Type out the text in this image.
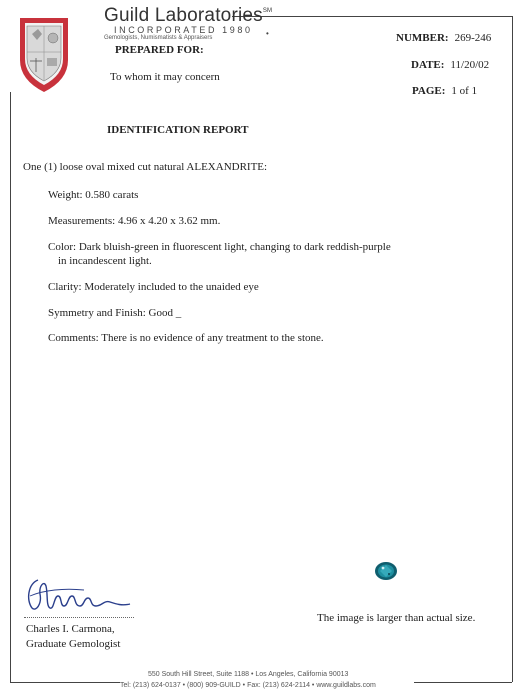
Guild Laboratories℠
INCORPORATED 1980
Gemologists, Numismatists & Appraisers	•
PREPARED FOR:
To whom it may concern
NUMBER: 269-246
DATE: 11/20/02
PAGE: 1 of 1
IDENTIFICATION REPORT
One (1) loose oval mixed cut natural ALEXANDRITE:
Weight: 0.580 carats
Measurements: 4.96 x 4.20 x 3.62 mm.
Color: Dark bluish-green in fluorescent light, changing to dark reddish-purple
in incandescent light.
Clarity: Moderately included to the unaided eye
Symmetry and Finish: Good _
Comments: There is no evidence of any treatment to the stone.
The image is larger than actual size.
Charles I. Carmona,
Graduate Gemologist
550 South Hill Street, Suite 1188 • Los Angeles, California 90013
Tel: (213) 624-0137 • (800) 909-GUILD • Fax: (213) 624-2114 • www.guildlabs.com
